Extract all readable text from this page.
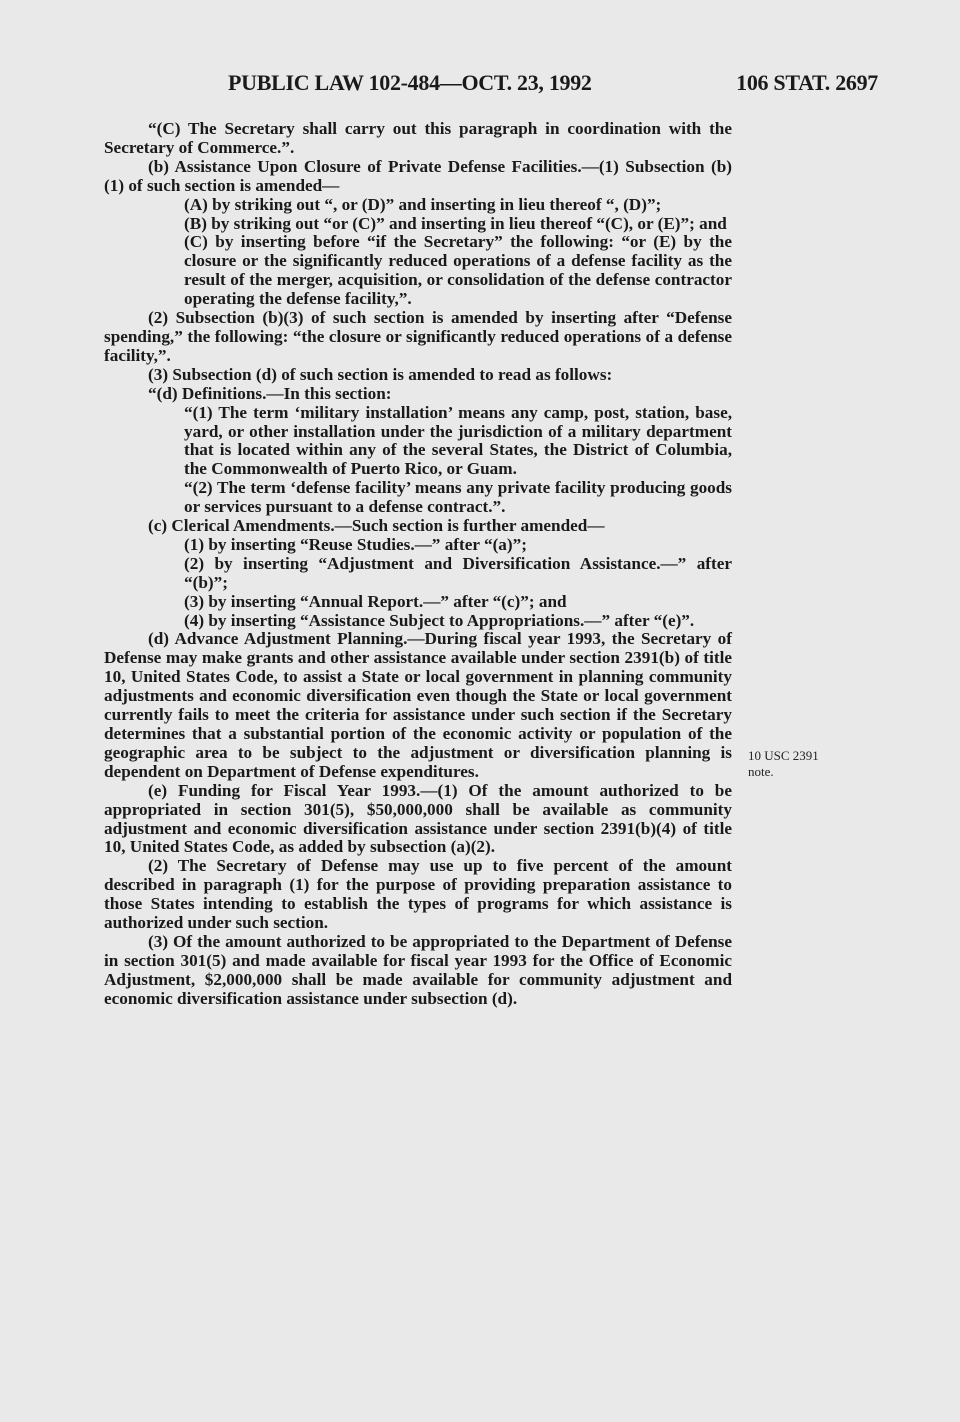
PUBLIC LAW 102-484—OCT. 23, 1992	106 STAT. 2697

“(C) The Secretary shall carry out this paragraph in coordination with the Secretary of Commerce.”.

(b) Assistance Upon Closure of Private Defense Facilities.—(1) Subsection (b)(1) of such section is amended—

(A) by striking out “, or (D)” and inserting in lieu thereof “, (D)”;

(B) by striking out “or (C)” and inserting in lieu thereof “(C), or (E)”; and

(C) by inserting before “if the Secretary” the following: “or (E) by the closure or the significantly reduced operations of a defense facility as the result of the merger, acquisition, or consolidation of the defense contractor operating the defense facility,”.

(2) Subsection (b)(3) of such section is amended by inserting after “Defense spending,” the following: “the closure or significantly reduced operations of a defense facility,”.

(3) Subsection (d) of such section is amended to read as follows:

“(d) Definitions.—In this section:

“(1) The term ‘military installation’ means any camp, post, station, base, yard, or other installation under the jurisdiction of a military department that is located within any of the several States, the District of Columbia, the Commonwealth of Puerto Rico, or Guam.

“(2) The term ‘defense facility’ means any private facility producing goods or services pursuant to a defense contract.”.

(c) Clerical Amendments.—Such section is further amended—

(1) by inserting “Reuse Studies.—” after “(a)”;

(2) by inserting “Adjustment and Diversification Assistance.—” after “(b)”;

(3) by inserting “Annual Report.—” after “(c)”; and

(4) by inserting “Assistance Subject to Appropriations.—” after “(e)”.

(d) Advance Adjustment Planning.—During fiscal year 1993, the Secretary of Defense may make grants and other assistance available under section 2391(b) of title 10, United States Code, to assist a State or local government in planning community adjustments and economic diversification even though the State or local government currently fails to meet the criteria for assistance under such section if the Secretary determines that a substantial portion of the economic activity or population of the geographic area to be subject to the adjustment or diversification planning is dependent on Department of Defense expenditures.

(e) Funding for Fiscal Year 1993.—(1) Of the amount authorized to be appropriated in section 301(5), $50,000,000 shall be available as community adjustment and economic diversification assistance under section 2391(b)(4) of title 10, United States Code, as added by subsection (a)(2).

(2) The Secretary of Defense may use up to five percent of the amount described in paragraph (1) for the purpose of providing preparation assistance to those States intending to establish the types of programs for which assistance is authorized under such section.

(3) Of the amount authorized to be appropriated to the Department of Defense in section 301(5) and made available for fiscal year 1993 for the Office of Economic Adjustment, $2,000,000 shall be made available for community adjustment and economic diversification assistance under subsection (d).

10 USC 2391
note.
